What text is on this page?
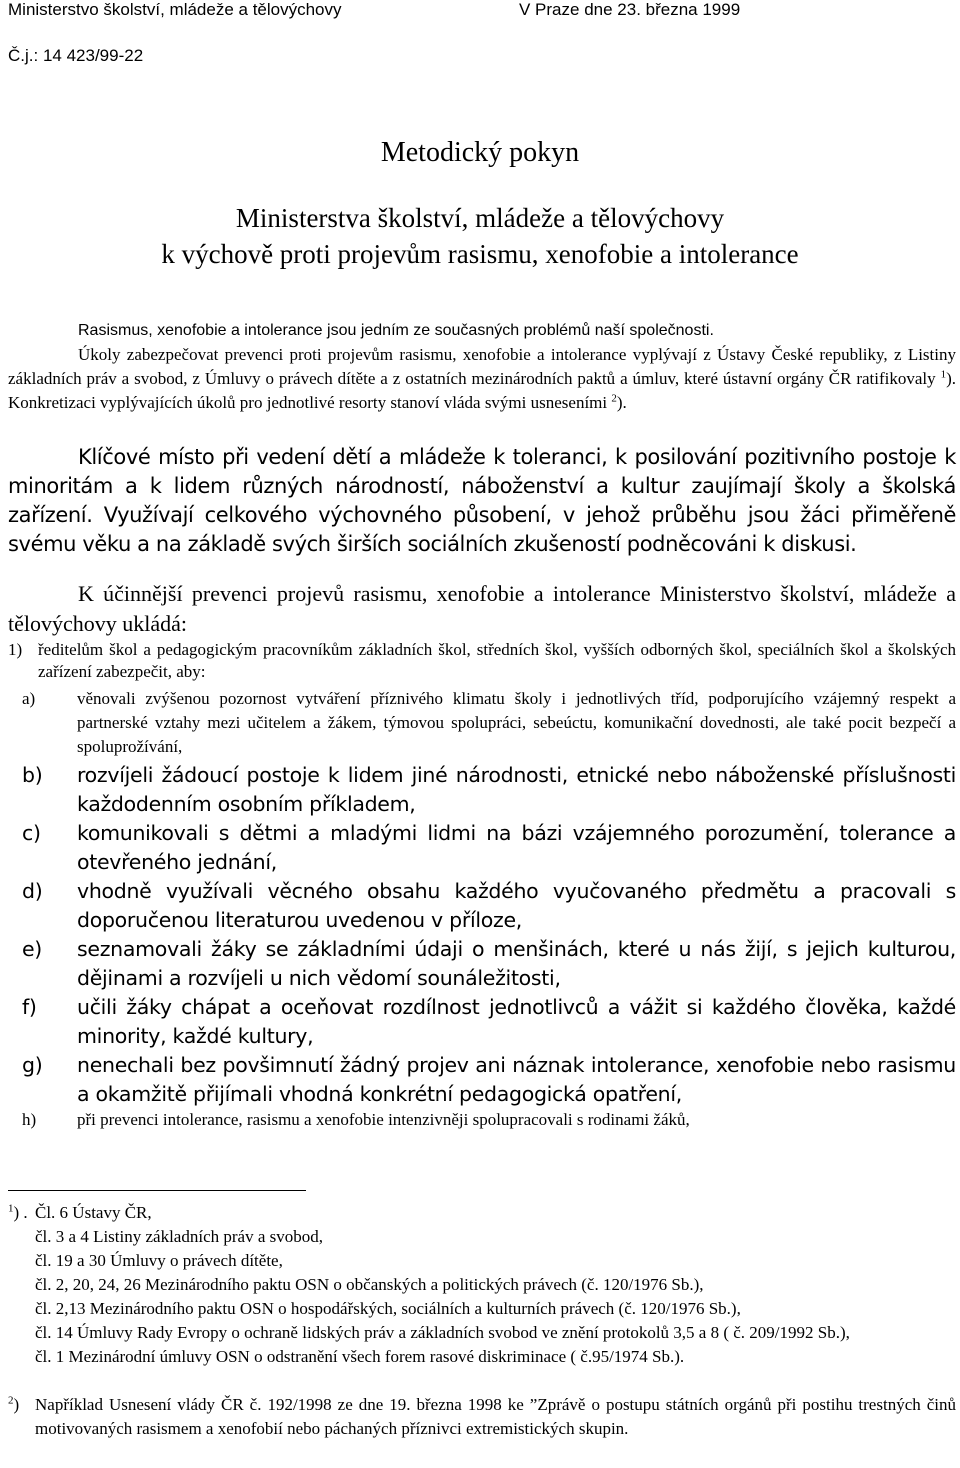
Ministerstvo školství, mládeže a tělovýchovy	V Praze dne 23. března 1999
Č.j.: 14 423/99-22
Metodický pokyn
Ministerstva školství, mládeže a tělovýchovy
k výchově proti projevům rasismu, xenofobie a intolerance
Rasismus, xenofobie a intolerance jsou jedním ze současných problémů naší společnosti.
Úkoly zabezpečovat prevenci proti projevům rasismu, xenofobie a intolerance vyplývají z Ústavy České republiky, z Listiny základních práv a svobod, z Úmluvy o právech dítěte a z ostatních mezinárodních paktů a úmluv, které ústavní orgány ČR ratifikovaly $^1$). Konkretizaci vyplývajících úkolů pro jednotlivé resorty stanoví vláda svými usneseními $^2$).
Klíčové místo při vedení dětí a mládeže k toleranci, k posilování pozitivního postoje k minoritám a k lidem různých národností, náboženství a kultur zaujímají školy a školská zařízení. Využívají celkového výchovného působení, v jehož průběhu jsou žáci přiměřeně svému věku a na základě svých širších sociálních zkušeností podněcováni k diskusi.
K účinnější prevenci projevů rasismu, xenofobie a intolerance Ministerstvo školství, mládeže a tělovýchovy ukládá:
1) ředitelům škol a pedagogickým pracovníkům základních škol, středních škol, vyšších odborných škol, speciálních škol a školských zařízení zabezpečit, aby:
a)	věnovali zvýšenou pozornost vytváření příznivého klimatu školy i jednotlivých tříd, podporujícího vzájemný respekt a partnerské vztahy mezi učitelem a žákem, týmovou spolupráci, sebeúctu, komunikační dovednosti, ale také pocit bezpečí a spoluprožívání,
b)	rozvíjeli žádoucí postoje k lidem jiné národnosti, etnické nebo náboženské příslušnosti každodenním osobním příkladem,
c)	komunikovali s dětmi a mladými lidmi na bázi vzájemného porozumění, tolerance a otevřeného jednání,
d)	vhodně využívali věcného obsahu každého vyučovaného předmětu a pracovali s doporučenou literaturou uvedenou v příloze,
e)	seznamovali žáky se základními údaji o menšinách, které u nás žijí, s jejich kulturou, dějinami a rozvíjeli u nich vědomí sounáležitosti,
f)	učili žáky chápat a oceňovat rozdílnost jednotlivců a vážit si každého člověka, každé minority, každé kultury,
g)	nenechali bez povšimnutí žádný projev ani náznak intolerance, xenofobie nebo rasismu a okamžitě přijímali vhodná konkrétní pedagogická opatření,
h)	při prevenci intolerance, rasismu a xenofobie intenzivněji spolupracovali s rodinami žáků,
$^1$) . Čl. 6 Ústavy ČR,
čl. 3 a 4 Listiny základních práv a svobod,
čl. 19 a 30 Úmluvy o právech dítěte,
čl. 2, 20, 24, 26 Mezinárodního paktu OSN o občanských a politických právech (č. 120/1976 Sb.),
čl. 2,13 Mezinárodního paktu OSN o hospodářských, sociálních a kulturních právech (č. 120/1976 Sb.),
čl. 14 Úmluvy Rady Evropy o ochraně lidských práv a základních svobod ve znění protokolů 3,5 a 8 ( č. 209/1992 Sb.),
čl. 1 Mezinárodní úmluvy OSN o odstranění všech forem rasové diskriminace ( č.95/1974 Sb.).
$^2$) Například Usnesení vlády ČR č. 192/1998 ze dne 19. března 1998 ke ”Zprávě o postupu státních orgánů při postihu trestných činů motivovaných rasismem a xenofobií nebo páchaných příznivci extremistických skupin.
